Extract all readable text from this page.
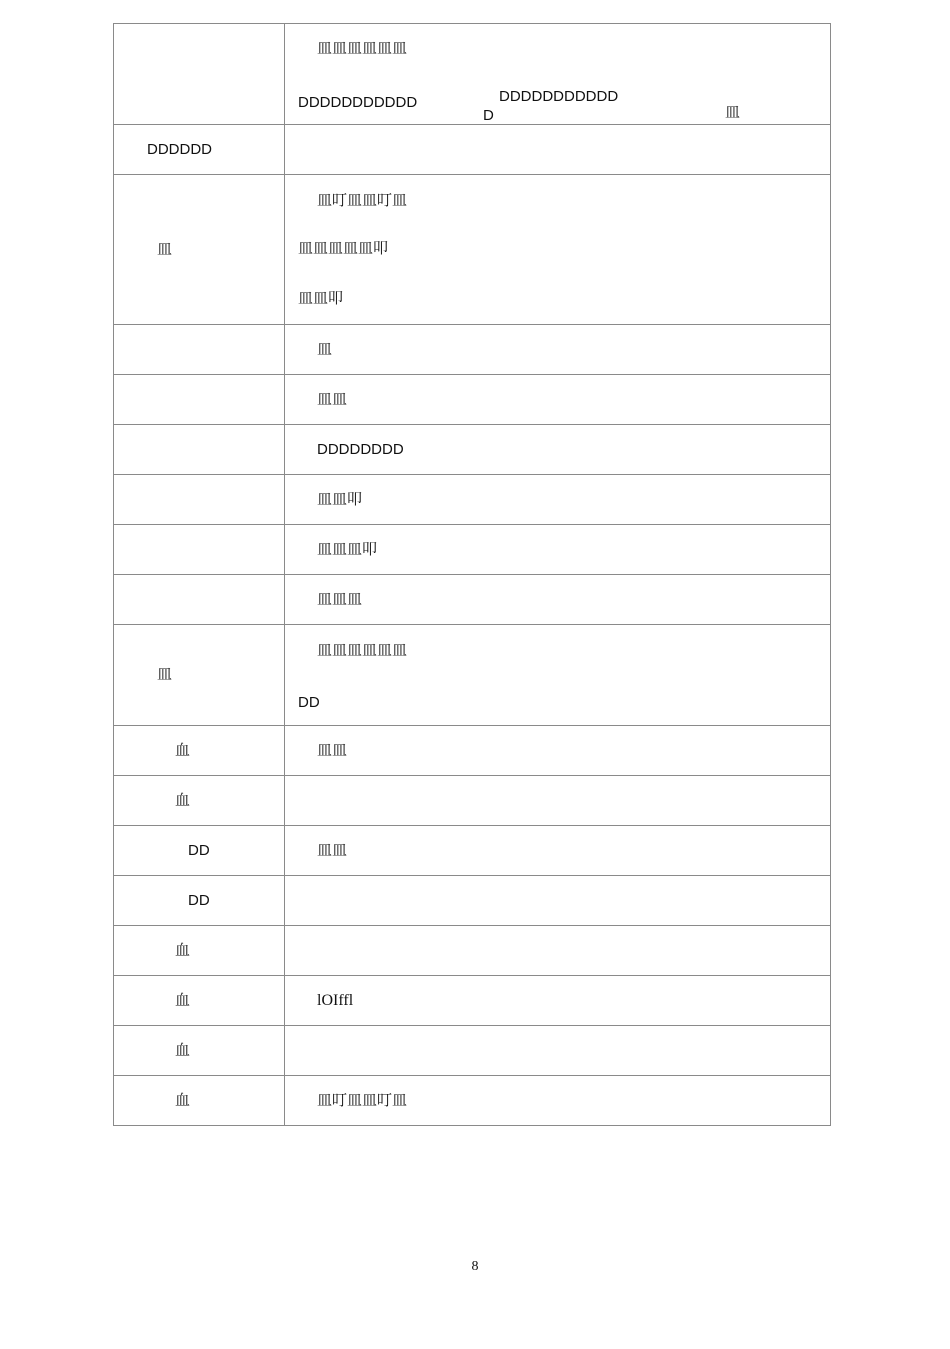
	皿皿皿皿皿皿
DDDDDDDDDDD DDDDDDDDDDD
D 皿

DDDDDD	

皿	皿叮皿皿叮皿
皿皿皿皿皿叩
皿皿叩

	皿

	皿皿

	DDDDDDDD

	皿皿叩

	皿皿皿叩

	皿皿皿

皿	皿皿皿皿皿皿
DD

血	皿皿

血	

DD	皿皿

DD	

血	

血	lOIffl

血	

血	皿叮皿皿叮皿
8
